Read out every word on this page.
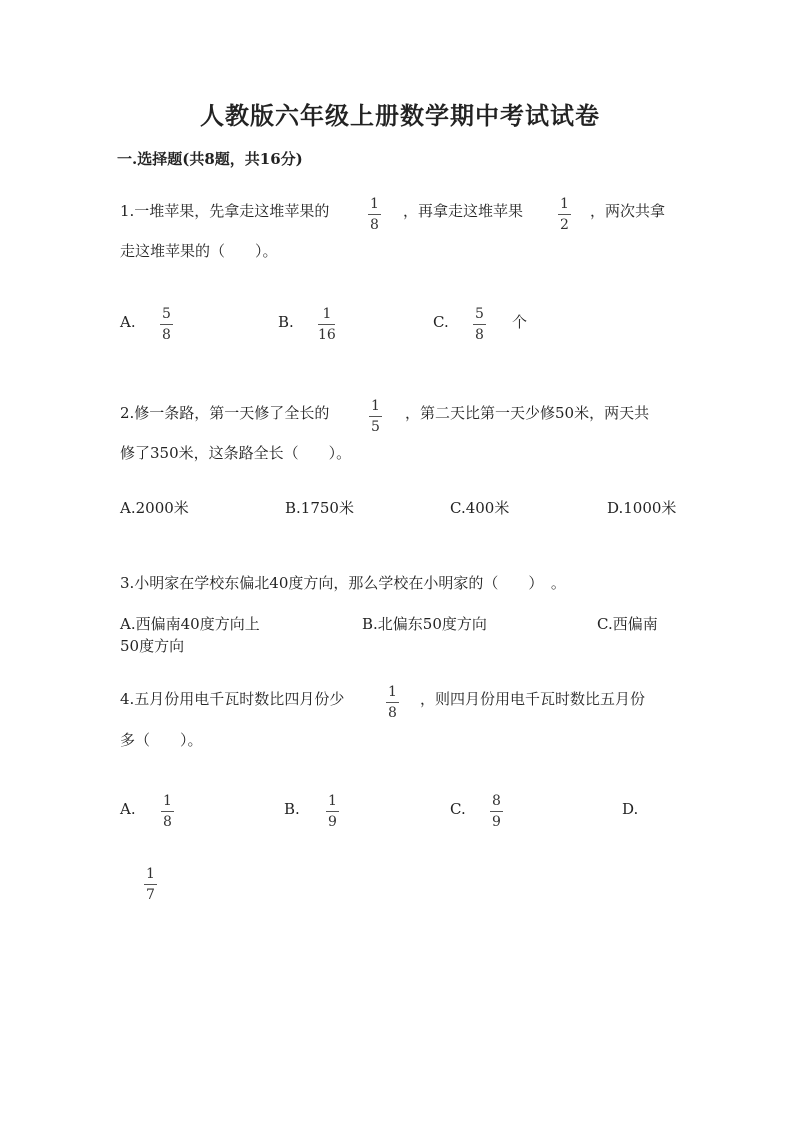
人教版六年级上册数学期中考试试卷
一.选择题(共8题，共16分)
1.一堆苹果，先拿走这堆苹果的	1
8
，再拿走这堆苹果	1
2
，两次共拿
走这堆苹果的（　　）。
A. 5
8
B. 1
16
C. 5
8
个
2.修一条路，第一天修了全长的	1
5
，第二天比第一天少修50米，两天共
修了350米，这条路全长（　　）。
A.2000米	B.1750米	C.400米	D.1000米
3.小明家在学校东偏北40度方向，那么学校在小明家的（　　）　。
A.西偏南40度方向上	B.北偏东50度方向	C.西偏南
50度方向
4.五月份用电千瓦时数比四月份少	1
8
，则四月份用电千瓦时数比五月份
多（　　）。
A. 1
8
B. 1
9
C. 8
9
D.
1
7
